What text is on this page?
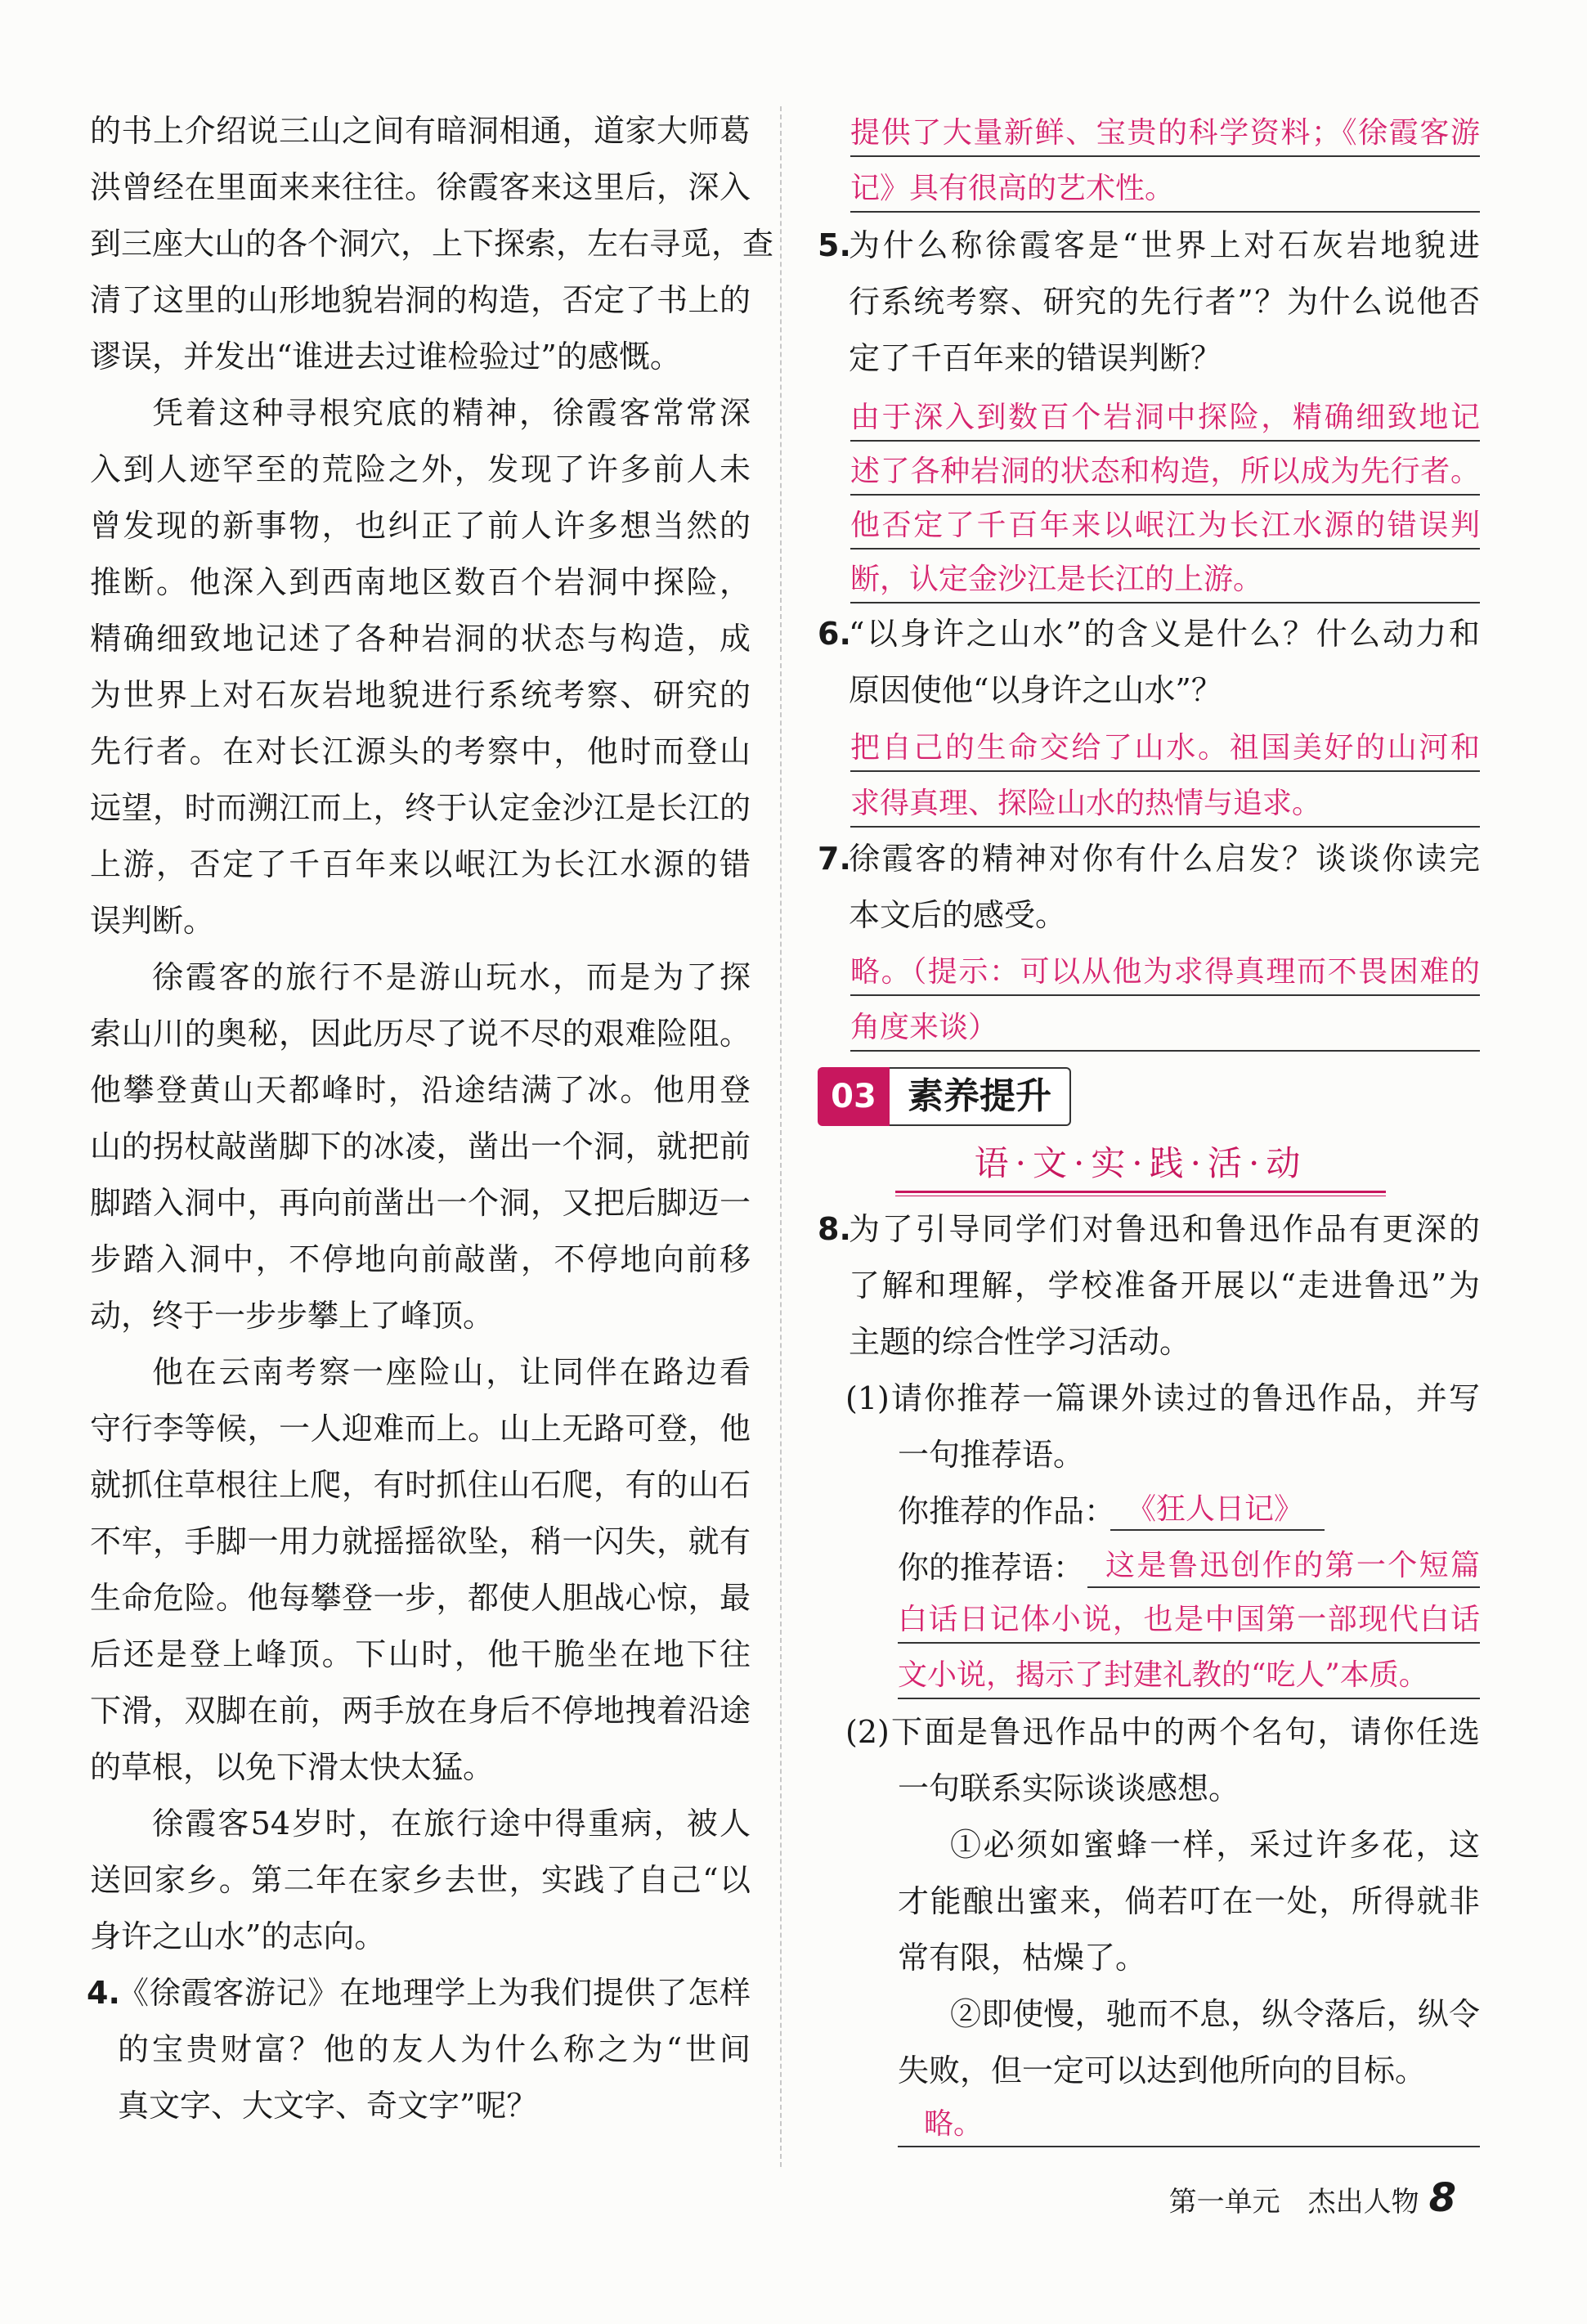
的书上介绍说三山之间有暗洞相通，道家大师葛
洪曾经在里面来来往往。徐霞客来这里后，深入
到三座大山的各个洞穴，上下探索，左右寻觅，查
清了这里的山形地貌岩洞的构造，否定了书上的
谬误，并发出“谁进去过谁检验过”的感慨。
凭着这种寻根究底的精神，徐霞客常常深
入到人迹罕至的荒险之外，发现了许多前人未
曾发现的新事物，也纠正了前人许多想当然的
推断。他深入到西南地区数百个岩洞中探险，
精确细致地记述了各种岩洞的状态与构造，成
为世界上对石灰岩地貌进行系统考察、研究的
先行者。在对长江源头的考察中，他时而登山
远望，时而溯江而上，终于认定金沙江是长江的
上游，否定了千百年来以岷江为长江水源的错
误判断。
徐霞客的旅行不是游山玩水，而是为了探
索山川的奥秘，因此历尽了说不尽的艰难险阻。
他攀登黄山天都峰时，沿途结满了冰。他用登
山的拐杖敲凿脚下的冰凌，凿出一个洞，就把前
脚踏入洞中，再向前凿出一个洞，又把后脚迈一
步踏入洞中，不停地向前敲凿，不停地向前移
动，终于一步步攀上了峰顶。
他在云南考察一座险山，让同伴在路边看
守行李等候，一人迎难而上。山上无路可登，他
就抓住草根往上爬，有时抓住山石爬，有的山石
不牢，手脚一用力就摇摇欲坠，稍一闪失，就有
生命危险。他每攀登一步，都使人胆战心惊，最
后还是登上峰顶。下山时，他干脆坐在地下往
下滑，双脚在前，两手放在身后不停地拽着沿途
的草根，以免下滑太快太猛。
徐霞客54岁时，在旅行途中得重病，被人
送回家乡。第二年在家乡去世，实践了自己“以
身许之山水”的志向。
4.
《徐霞客游记》在地理学上为我们提供了怎样
的宝贵财富？他的友人为什么称之为“世间
真文字、大文字、奇文字”呢？
提供了大量新鲜、宝贵的科学资料；《徐霞客游
记》具有很高的艺术性。
5.
为什么称徐霞客是“世界上对石灰岩地貌进
行系统考察、研究的先行者”？为什么说他否
定了千百年来的错误判断？
由于深入到数百个岩洞中探险，精确细致地记
述了各种岩洞的状态和构造，所以成为先行者。
他否定了千百年来以岷江为长江水源的错误判
断，认定金沙江是长江的上游。
6.
“以身许之山水”的含义是什么？什么动力和
原因使他“以身许之山水”？
把自己的生命交给了山水。祖国美好的山河和
求得真理、探险山水的热情与追求。
7.
徐霞客的精神对你有什么启发？谈谈你读完
本文后的感受。
略。（提示：可以从他为求得真理而不畏困难的
角度来谈）
03 素养提升
语·文·实·践·活·动
8.
为了引导同学们对鲁迅和鲁迅作品有更深的
了解和理解，学校准备开展以“走进鲁迅”为
主题的综合性学习活动。
(1)请你推荐一篇课外读过的鲁迅作品，并写
一句推荐语。
你推荐的作品： 《狂人日记》
你的推荐语： 这是鲁迅创作的第一个短篇
白话日记体小说，也是中国第一部现代白话
文小说，揭示了封建礼教的“吃人”本质。
(2)下面是鲁迅作品中的两个名句，请你任选
一句联系实际谈谈感想。
①必须如蜜蜂一样，采过许多花，这
才能酿出蜜来，倘若叮在一处，所得就非
常有限，枯燥了。
②即使慢，驰而不息，纵令落后，纵令
失败，但一定可以达到他所向的目标。
略。
第一单元　杰出人物 8
